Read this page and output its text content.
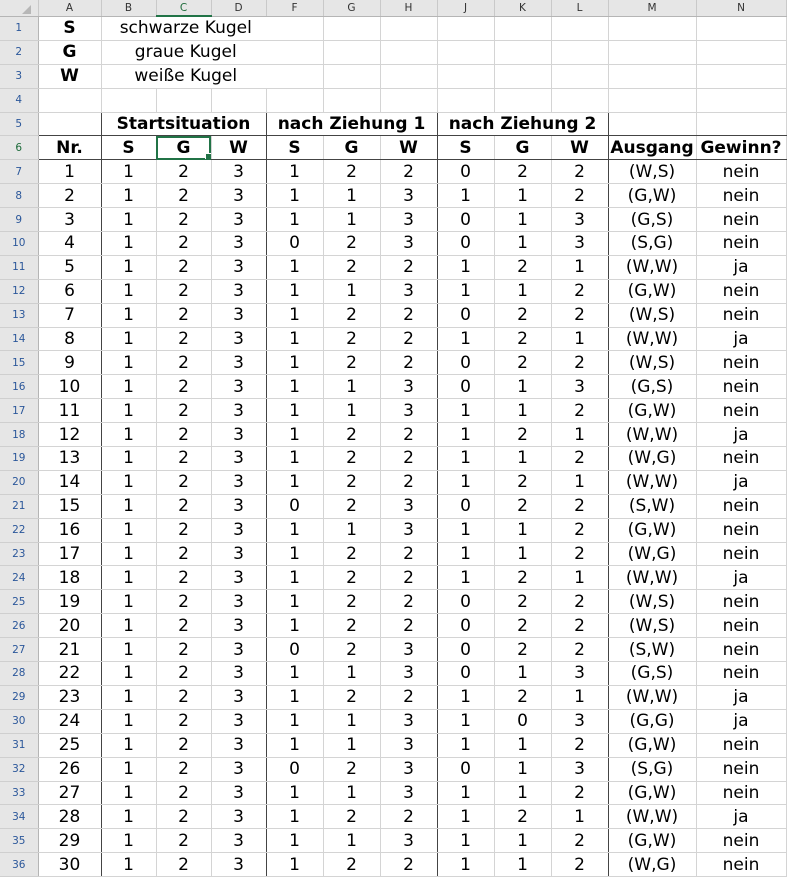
	A	B	C	D	F	G	H	J	K	L	M	N
1	S	schwarze Kugel										
2	G	graue Kugel										
3	W	weiße Kugel										
4												
5		Startsituation			nach Ziehung 1			nach Ziehung 2				
6	Nr.	S	G	W	S	G	W	S	G	W	Ausgang	Gewinn?
7	1	1	2	3	1	2	2	0	2	2	(W,S)	nein
8	2	1	2	3	1	1	3	1	1	2	(G,W)	nein
9	3	1	2	3	1	1	3	0	1	3	(G,S)	nein
10	4	1	2	3	0	2	3	0	1	3	(S,G)	nein
11	5	1	2	3	1	2	2	1	2	1	(W,W)	ja
12	6	1	2	3	1	1	3	1	1	2	(G,W)	nein
13	7	1	2	3	1	2	2	0	2	2	(W,S)	nein
14	8	1	2	3	1	2	2	1	2	1	(W,W)	ja
15	9	1	2	3	1	2	2	0	2	2	(W,S)	nein
16	10	1	2	3	1	1	3	0	1	3	(G,S)	nein
17	11	1	2	3	1	1	3	1	1	2	(G,W)	nein
18	12	1	2	3	1	2	2	1	2	1	(W,W)	ja
19	13	1	2	3	1	2	2	1	1	2	(W,G)	nein
20	14	1	2	3	1	2	2	1	2	1	(W,W)	ja
21	15	1	2	3	0	2	3	0	2	2	(S,W)	nein
22	16	1	2	3	1	1	3	1	1	2	(G,W)	nein
23	17	1	2	3	1	2	2	1	1	2	(W,G)	nein
24	18	1	2	3	1	2	2	1	2	1	(W,W)	ja
25	19	1	2	3	1	2	2	0	2	2	(W,S)	nein
26	20	1	2	3	1	2	2	0	2	2	(W,S)	nein
27	21	1	2	3	0	2	3	0	2	2	(S,W)	nein
28	22	1	2	3	1	1	3	0	1	3	(G,S)	nein
29	23	1	2	3	1	2	2	1	2	1	(W,W)	ja
30	24	1	2	3	1	1	3	1	0	3	(G,G)	ja
31	25	1	2	3	1	1	3	1	1	2	(G,W)	nein
32	26	1	2	3	0	2	3	0	1	3	(S,G)	nein
33	27	1	2	3	1	1	3	1	1	2	(G,W)	nein
34	28	1	2	3	1	2	2	1	2	1	(W,W)	ja
35	29	1	2	3	1	1	3	1	1	2	(G,W)	nein
36	30	1	2	3	1	2	2	1	1	2	(W,G)	nein
